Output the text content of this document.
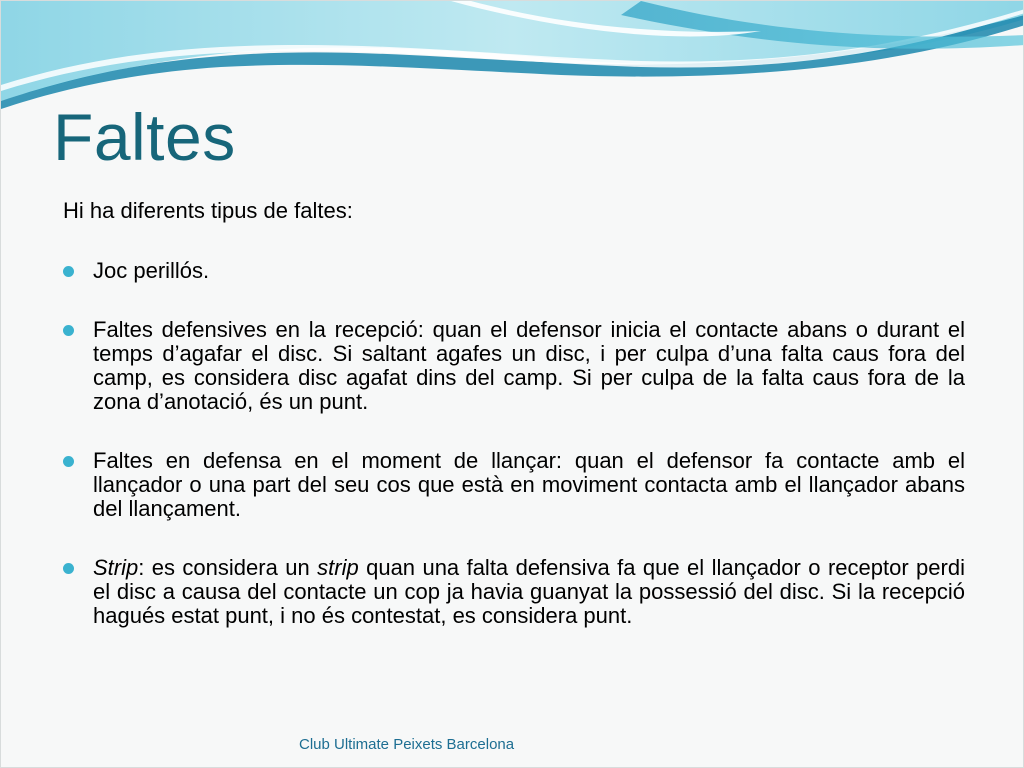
Faltes

Hi ha diferents tipus de faltes:

Joc perillós.
Faltes defensives en la recepció: quan el defensor inicia el contacte abans o durant el temps d’agafar el disc. Si saltant agafes un disc, i per culpa d’una falta caus fora del camp, es considera disc agafat dins del camp. Si per culpa de la falta caus fora de la zona d’anotació, és un punt.
Faltes en defensa en el moment de llançar: quan el defensor fa contacte amb el llançador o una part del seu cos que està en moviment contacta amb el llançador abans del llançament.
Strip: es considera un strip quan una falta defensiva fa que el llançador o receptor perdi el disc a causa del contacte un cop ja havia guanyat la possessió del disc. Si la recepció hagués estat punt, i no és contestat, es considera punt.
Club Ultimate Peixets Barcelona
